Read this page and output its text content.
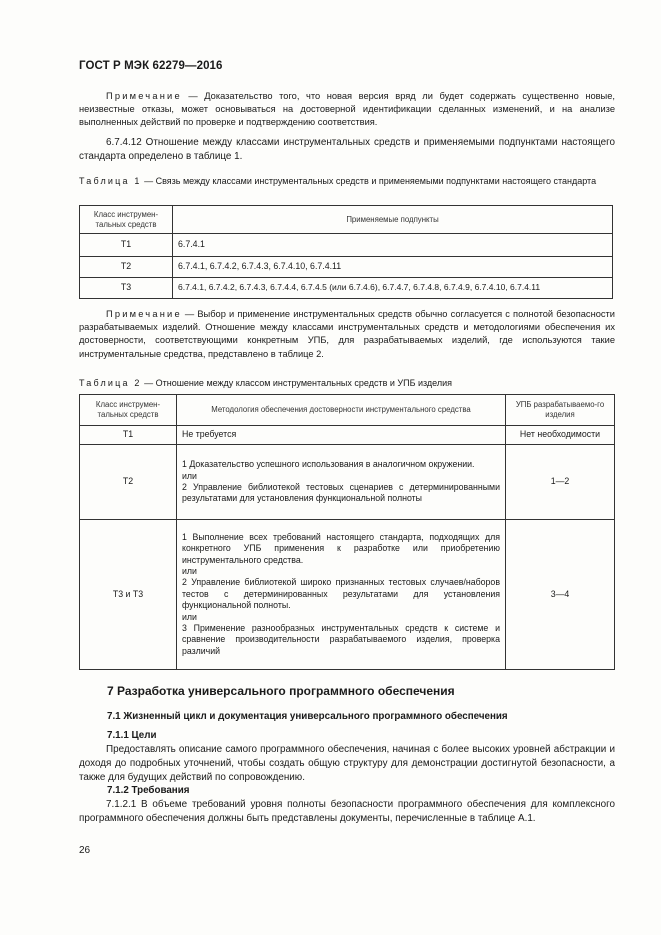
ГОСТ Р МЭК 62279—2016
Примечание — Доказательство того, что новая версия вряд ли будет содержать существенно новые, неизвестные отказы, может основываться на достоверной идентификации сделанных изменений, и на анализе выполненных действий по проверке и подтверждению соответствия.
6.7.4.12 Отношение между классами инструментальных средств и применяемыми подпунктами настоящего стандарта определено в таблице 1.
Таблица 1 — Связь между классами инструментальных средств и применяемыми подпунктами настоящего стандарта
Класс инструмен-тальных средств	Применяемые подпункты
T1	6.7.4.1
T2	6.7.4.1, 6.7.4.2, 6.7.4.3, 6.7.4.10, 6.7.4.11
T3	6.7.4.1, 6.7.4.2, 6.7.4.3, 6.7.4.4, 6.7.4.5 (или 6.7.4.6), 6.7.4.7, 6.7.4.8, 6.7.4.9, 6.7.4.10, 6.7.4.11
Примечание — Выбор и применение инструментальных средств обычно согласуется с полнотой безопасности разрабатываемых изделий. Отношение между классами инструментальных средств и методологиями обеспечения их достоверности, соответствующими конкретным УПБ, для разрабатываемых изделий, где используются такие инструментальные средства, представлено в таблице 2.
Таблица 2 — Отношение между классом инструментальных средств и УПБ изделия
Класс инструмен-тальных средств	Методология обеспечения достоверности инструментального средства	УПБ разрабатываемо-го изделия
T1	Не требуется	Нет необходимости
T2	1 Доказательство успешного использования в аналогичном окружении.
или
2 Управление библиотекой тестовых сценариев с детерминированными результатами для установления функциональной полноты	1—2
T3 и T3	1 Выполнение всех требований настоящего стандарта, подходящих для конкретного УПБ применения к разработке или приобретению инструментального средства.
или
2 Управление библиотекой широко признанных тестовых случаев/наборов тестов с детерминированных результатами для установления функциональной полноты.
или
3 Применение разнообразных инструментальных средств к системе и сравнение производительности разрабатываемого изделия, проверка различий	3—4
7 Разработка универсального программного обеспечения
7.1 Жизненный цикл и документация универсального программного обеспечения
7.1.1 Цели
Предоставлять описание самого программного обеспечения, начиная с более высоких уровней абстракции и доходя до подробных уточнений, чтобы создать общую структуру для демонстрации достигнутой безопасности, а также для будущих действий по сопровождению.
7.1.2 Требования
7.1.2.1 В объеме требований уровня полноты безопасности программного обеспечения для комплексного программного обеспечения должны быть представлены документы, перечисленные в таблице А.1.
26
